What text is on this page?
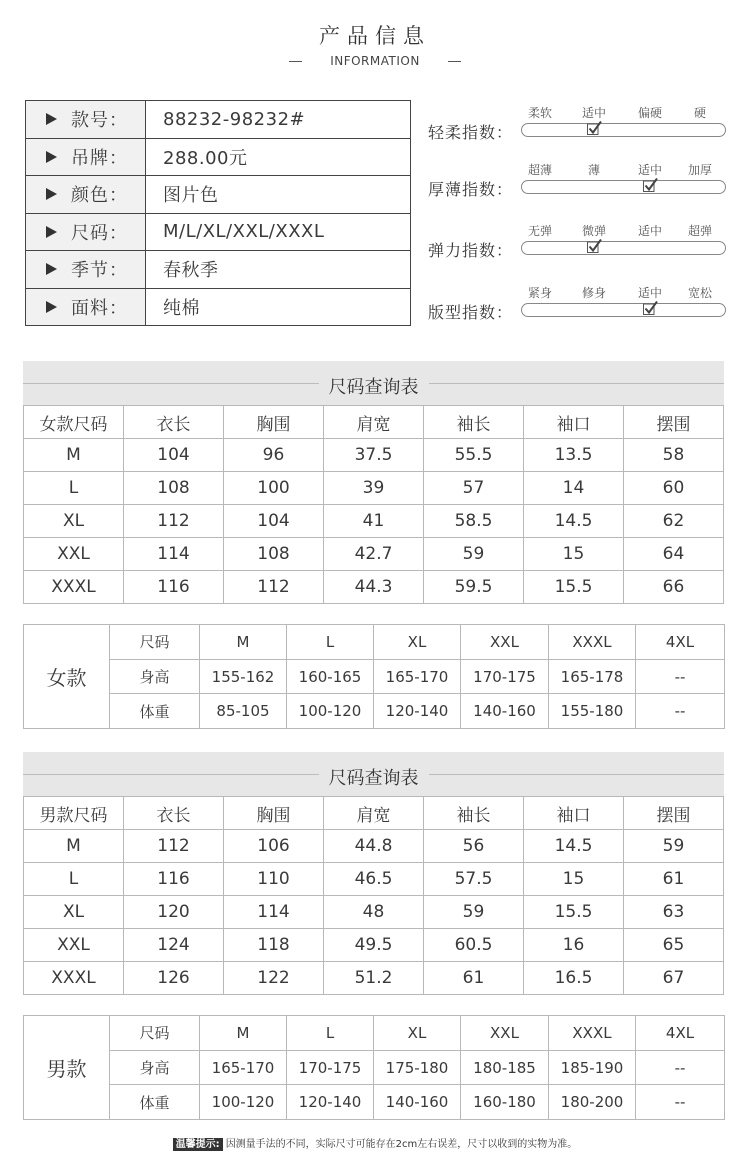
产品信息
INFORMATION
款号：	88232-98232#
吊牌：	288.00元
颜色：	图片色
尺码：	M/L/XL/XXL/XXXL
季节：	春秋季
面料：	纯棉
轻柔指数：
柔软 适中	偏硬	硬
厚薄指数：
超薄	薄	适中 加厚
弹力指数：
无弹 微弹	适中 超弹
版型指数：
紧身 修身	适中 宽松
尺码查询表
女款尺码	衣长	胸围	肩宽	袖长	袖口	摆围
M	104	96	37.5	55.5	13.5	58
L	108	100	39	57	14	60
XL	112	104	41	58.5	14.5	62
XXL	114	108	42.7	59	15	64
XXXL	116	112	44.3	59.5	15.5	66
女款	尺码	M	L	XL	XXL	XXXL	4XL
	身高	155-162	160-165	165-170	170-175	165-178	--
	体重	85-105	100-120	120-140	140-160	155-180	--
尺码查询表
男款尺码	衣长	胸围	肩宽	袖长	袖口	摆围
M	112	106	44.8	56	14.5	59
L	116	110	46.5	57.5	15	61
XL	120	114	48	59	15.5	63
XXL	124	118	49.5	60.5	16	65
XXXL	126	122	51.2	61	16.5	67
男款	尺码	M	L	XL	XXL	XXXL	4XL
	身高	165-170	170-175	175-180	180-185	185-190	--
	体重	100-120	120-140	140-160	160-180	180-200	--
温馨提示: 因测量手法的不同，实际尺寸可能存在2cm左右误差，尺寸以收到的实物为准。
